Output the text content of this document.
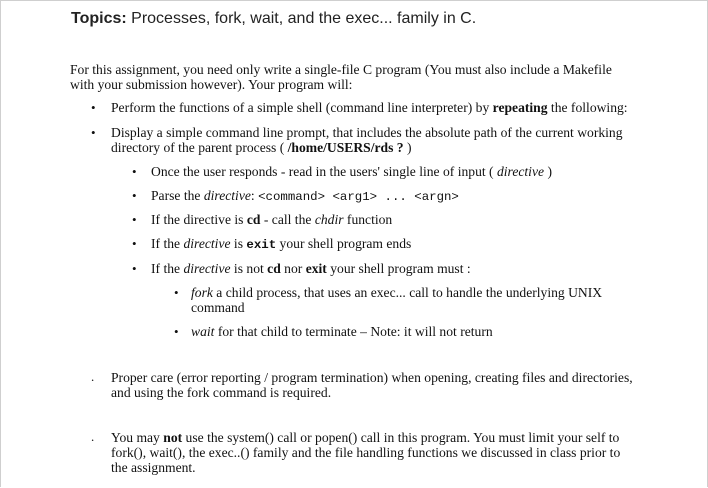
Topics: Processes, fork, wait, and the exec... family in C.
For this assignment, you need only write a single-file C program (You must also include a Makefile
with your submission however). Your program will:
• Perform the functions of a simple shell (command line interpreter) by repeating the following:
• Display a simple command line prompt, that includes the absolute path of the current working
directory of the parent process ( /home/USERS/rds ? )
• Once the user responds - read in the users' single line of input ( directive )
• Parse the directive: <command> <arg1> ... <argn>
• If the directive is cd - call the chdir function
• If the directive is exit your shell program ends
• If the directive is not cd nor exit your shell program must :
• fork a child process, that uses an exec... call to handle the underlying UNIX
command
• wait for that child to terminate – Note: it will not return
. Proper care (error reporting / program termination) when opening, creating files and directories,
and using the fork command is required.
. You may not use the system() call or popen() call in this program. You must limit your self to
fork(), wait(), the exec..() family and the file handling functions we discussed in class prior to
the assignment.
